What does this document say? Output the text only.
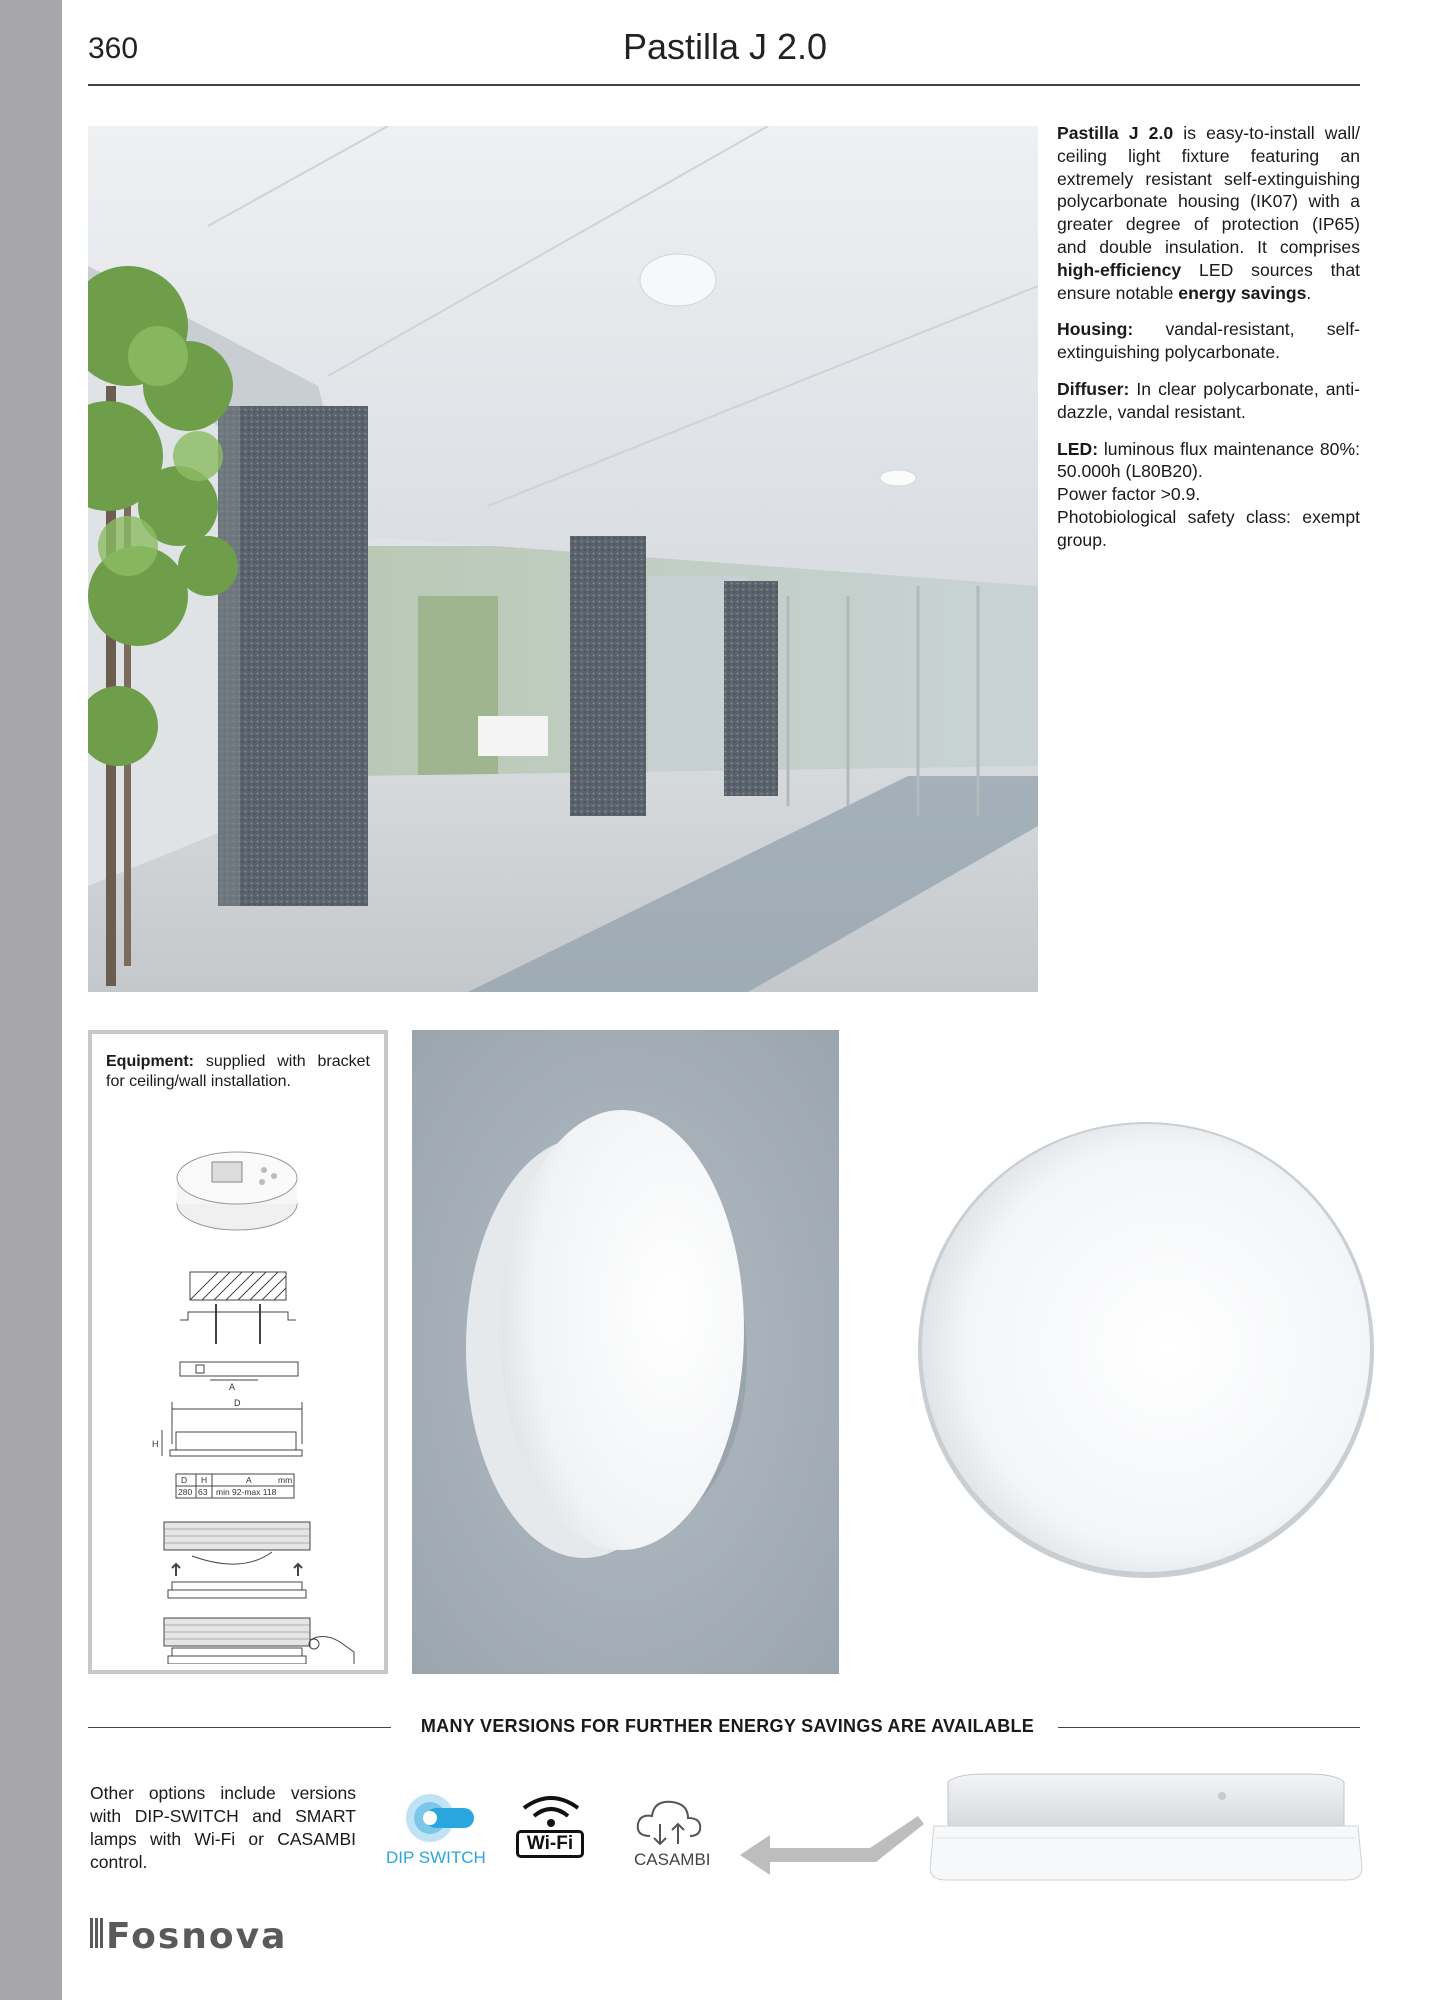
360	Pastilla J 2.0

Pastilla J 2.0 is easy-to-install wall/ ceiling light fixture featuring an extremely resistant self-extinguishing polycarbonate housing (IK07) with a greater degree of protection (IP65) and double insulation. It comprises high-efficiency LED sources that ensure notable energy savings.

Housing: vandal-resistant, self-extinguishing polycarbonate.

Diffuser: In clear polycarbonate, anti-dazzle, vandal resistant.

LED: luminous flux maintenance 80%: 50.000h (L80B20).
Power factor >0.9.
Photobiological safety class: exempt group.

Equipment: supplied with bracket for ceiling/wall installation.
A
D
H
D H	A	mm
280 63 min 92-max 118
MANY VERSIONS FOR FURTHER ENERGY SAVINGS ARE AVAILABLE
Other options include versions with DIP-SWITCH and SMART lamps with Wi-Fi or CASAMBI control.	DIP SWITCH
Wi-Fi
CASAMBI
Fosnova
